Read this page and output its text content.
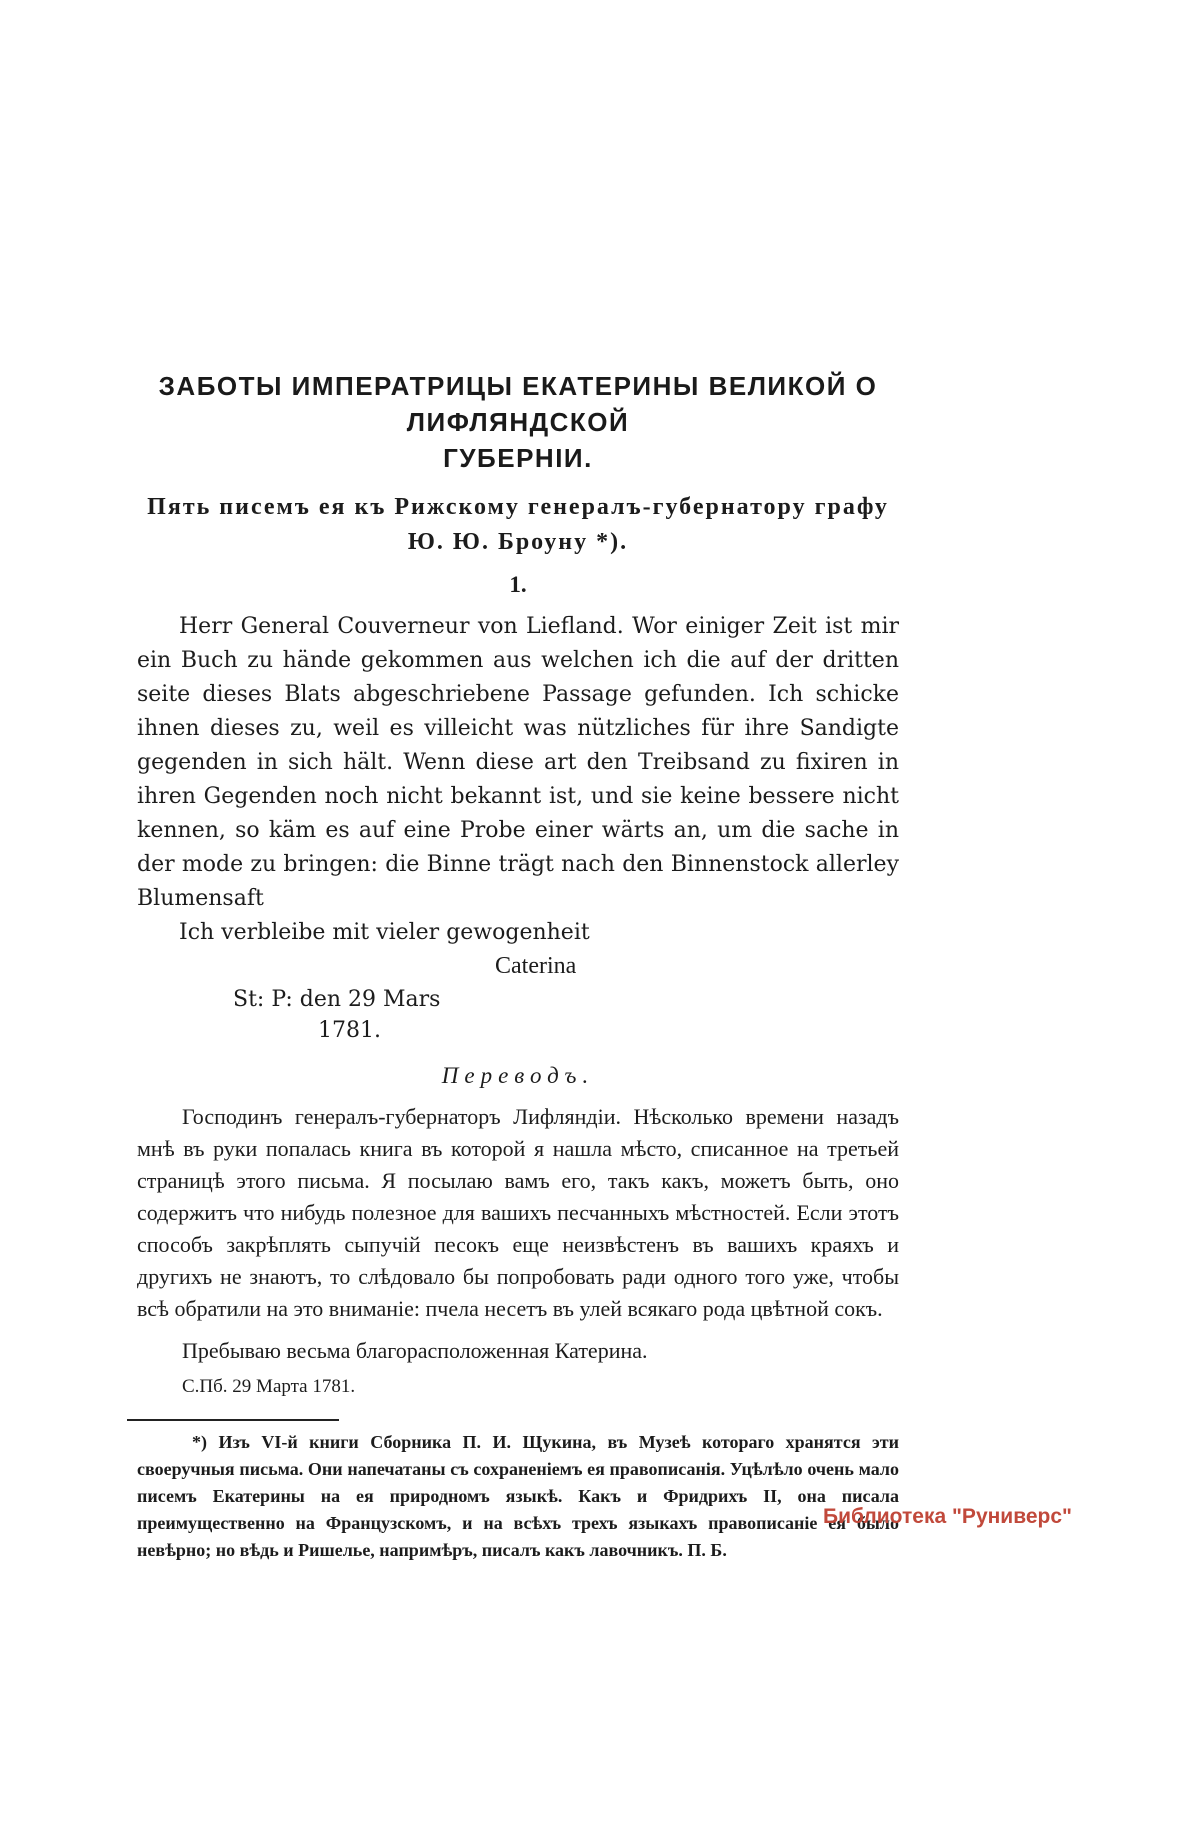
ЗАБОТЫ ИМПЕРАТРИЦЫ ЕКАТЕРИНЫ ВЕЛИКОЙ О ЛИФЛЯНДСКОЙ
ГУБЕРНІИ.
Пять писемъ ея къ Рижскому генералъ-губернатору графу
Ю. Ю. Броуну *).
1.

Herr General Couverneur von Liefland. Wor einiger Zeit ist mir ein Buch zu hände gekommen aus welchen ich die auf der dritten seite dieses Blats abgeschriebene Passage gefunden. Ich schicke ihnen dieses zu, weil es villeicht was nützliches für ihre Sandigte gegenden in sich hält. Wenn diese art den Treibsand zu fixiren in ihren Gegenden noch nicht bekannt ist, und sie keine bessere nicht kennen, so käm es auf eine Probe einer wärts an, um die sache in der mode zu bringen: die Binne trägt nach den Binnenstock allerley Blumensaft

Ich verbleibe mit vieler gewogenheit

Caterina

St: P: den 29 Mars

1781.

Переводъ.

Господинъ генералъ-губернаторъ Лифляндіи. Нѣсколько времени назадъ мнѣ въ руки попалась книга въ которой я нашла мѣсто, списанное на третьей страницѣ этого письма. Я посылаю вамъ его, такъ какъ, можетъ быть, оно содержитъ что нибудь полезное для вашихъ песчанныхъ мѣстностей. Если этотъ способъ закрѣплять сыпучій песокъ еще неизвѣстенъ въ вашихъ краяхъ и другихъ не знаютъ, то слѣдовало бы попробовать ради одного того уже, чтобы всѣ обратили на это вниманіе: пчела несетъ въ улей всякаго рода цвѣтной сокъ.

Пребываю весьма благорасположенная Катерина.

С.Пб. 29 Марта 1781.

*) Изъ VI-й книги Сборника П. И. Щукина, въ Музеѣ котораго хранятся эти своеручныя письма. Они напечатаны съ сохраненіемъ ея правописанія. Уцѣлѣло очень мало писемъ Екатерины на ея природномъ языкѣ. Какъ и Фридрихъ II, она писала преимущественно на Французскомъ, и на всѣхъ трехъ языкахъ правописаніе ея было невѣрно; но вѣдь и Ришелье, напримѣръ, писалъ какъ лавочникъ. П. Б.

Библиотека "Руниверс"
